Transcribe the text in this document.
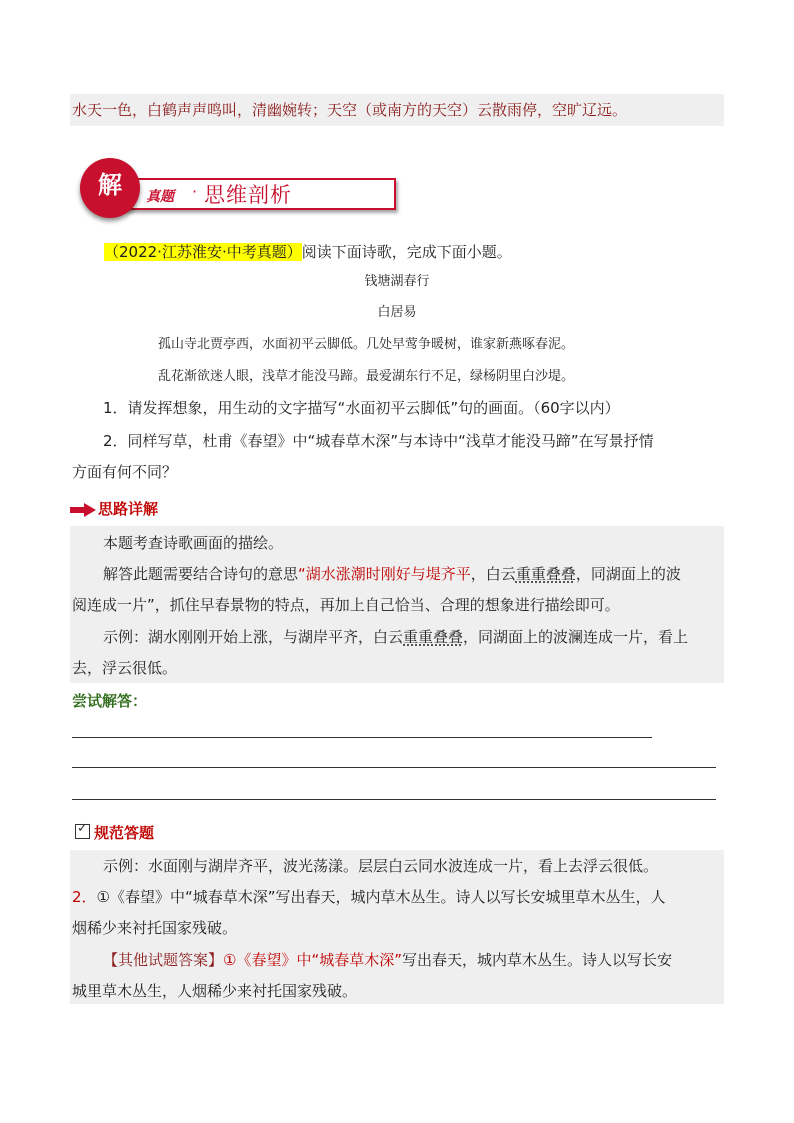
水天一色，白鹤声声鸣叫，清幽婉转；天空（或南方的天空）云散雨停，空旷辽远。
解	真题 · 思维剖析
（2022·江苏淮安·中考真题）阅读下面诗歌，完成下面小题。
钱塘湖春行
白居易
孤山寺北贾亭西，水面初平云脚低。几处早莺争暖树，谁家新燕啄春泥。
乱花渐欲迷人眼，浅草才能没马蹄。最爱湖东行不足，绿杨阴里白沙堤。
1．请发挥想象，用生动的文字描写“水面初平云脚低”句的画面。（60字以内）
2．同样写草，杜甫《春望》中“城春草木深”与本诗中“浅草才能没马蹄”在写景抒情
方面有何不同？
思路详解
本题考查诗歌画面的描绘。
解答此题需要结合诗句的意思“湖水涨潮时刚好与堤齐平，白云重重叠叠，同湖面上的波
阅连成一片”，抓住早春景物的特点，再加上自己恰当、合理的想象进行描绘即可。
示例：湖水刚刚开始上涨，与湖岸平齐，白云重重叠叠，同湖面上的波澜连成一片，看上
去，浮云很低。
尝试解答：
✓规范答题
示例：水面刚与湖岸齐平，波光荡漾。层层白云同水波连成一片，看上去浮云很低。
2．①《春望》中“城春草木深”写出春天，城内草木丛生。诗人以写长安城里草木丛生，人
烟稀少来衬托国家残破。
【其他试题答案】①《春望》中“城春草木深”写出春天，城内草木丛生。诗人以写长安
城里草木丛生，人烟稀少来衬托国家残破。
